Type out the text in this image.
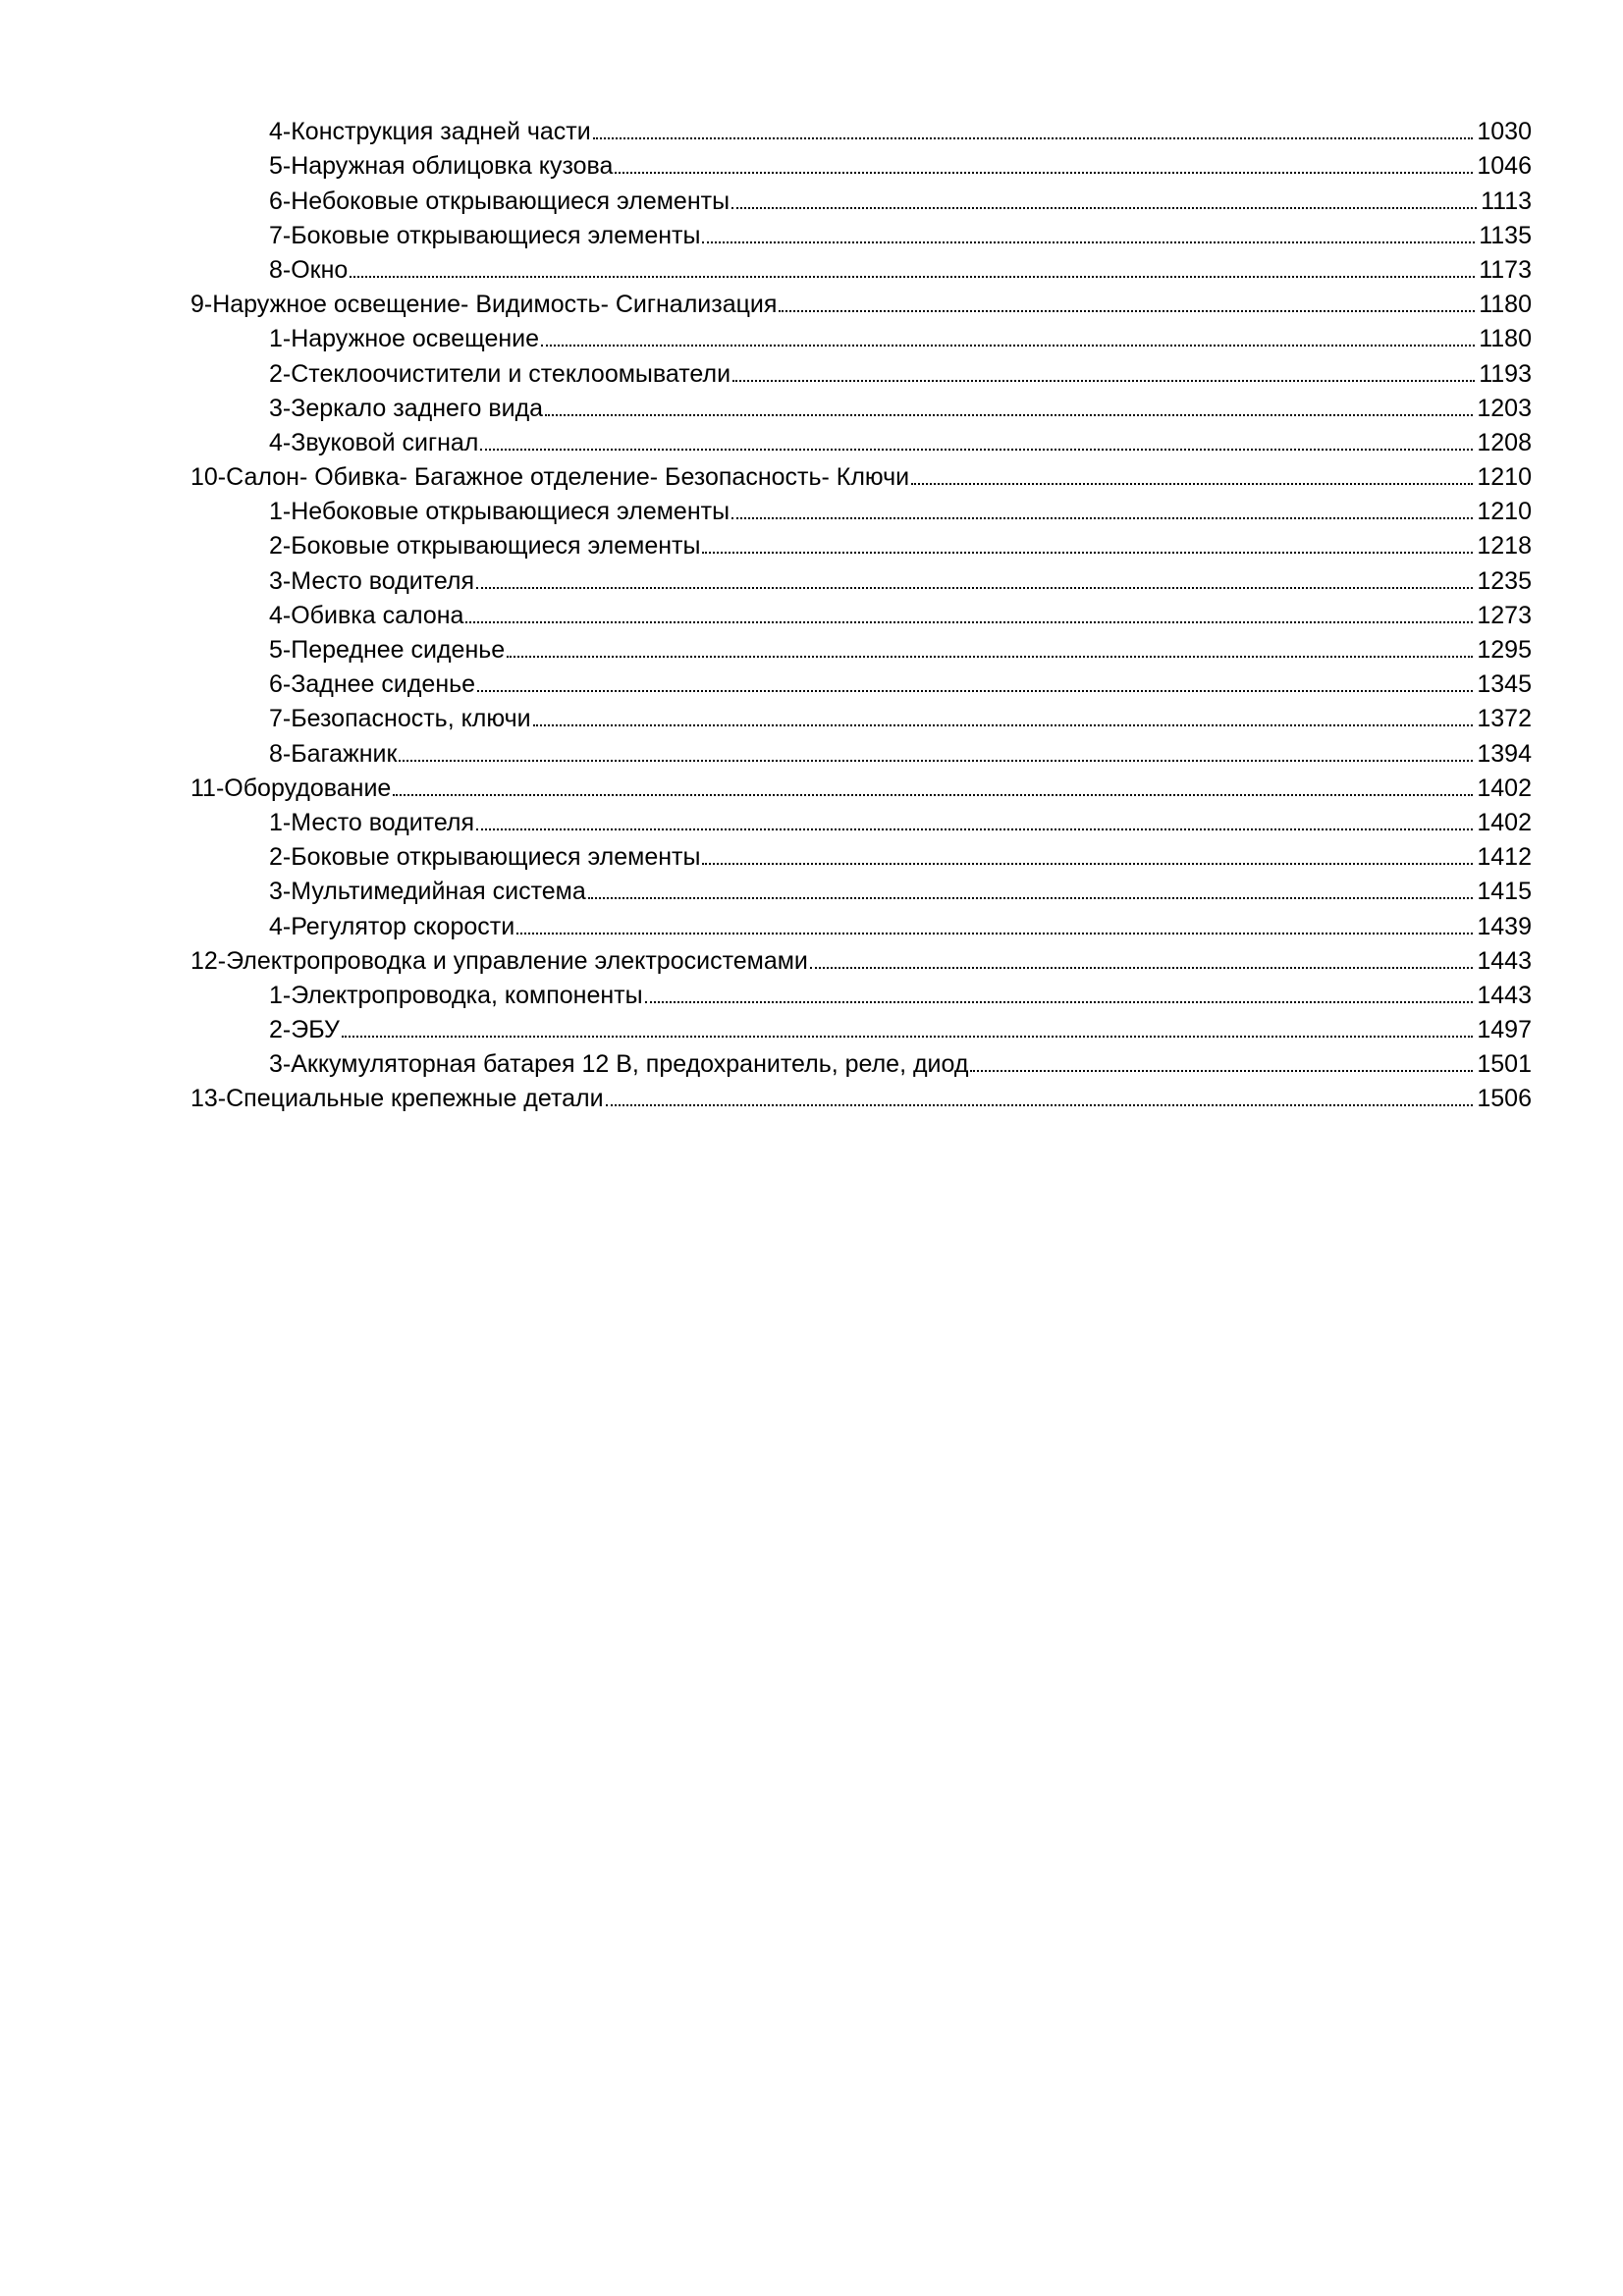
4-Конструкция задней части	1030
5-Наружная облицовка кузова	1046
6-Небоковые открывающиеся элементы	1113
7-Боковые открывающиеся элементы	1135
8-Окно	1173
9-Наружное освещение- Видимость- Сигнализация	1180
1-Наружное освещение	1180
2-Стеклоочистители и стеклоомыватели	1193
3-Зеркало заднего вида	1203
4-Звуковой сигнал	1208
10-Салон- Обивка- Багажное отделение- Безопасность- Ключи	1210
1-Небоковые открывающиеся элементы	1210
2-Боковые открывающиеся элементы	1218
3-Место водителя	1235
4-Обивка салона	1273
5-Переднее сиденье	1295
6-Заднее сиденье	1345
7-Безопасность, ключи	1372
8-Багажник	1394
11-Оборудование	1402
1-Место водителя	1402
2-Боковые открывающиеся элементы	1412
3-Мультимедийная система	1415
4-Регулятор скорости	1439
12-Электропроводка и управление электросистемами	1443
1-Электропроводка, компоненты	1443
2-ЭБУ	1497
3-Аккумуляторная батарея 12 В, предохранитель, реле, диод	1501
13-Специальные крепежные детали	1506
